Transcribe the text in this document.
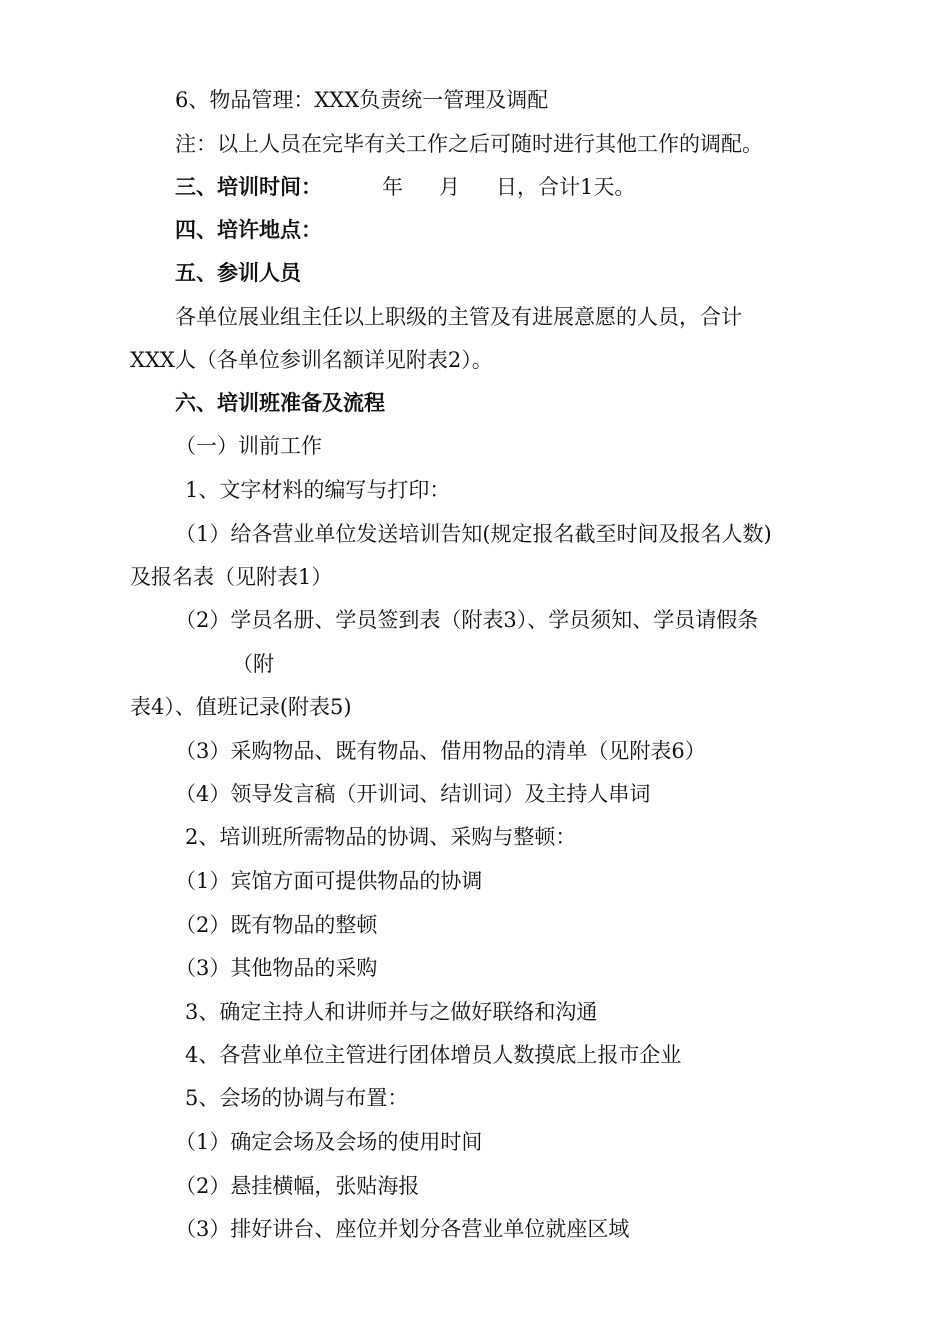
6、物品管理：XXX负责统一管理及调配
注：以上人员在完毕有关工作之后可随时进行其他工作的调配。
三、培训时间：	年 月 日，合计1天。
四、培许地点：
五、参训人员
各单位展业组主任以上职级的主管及有进展意愿的人员，合计
XXX人（各单位参训名额详见附表2）。
六、培训班准备及流程
（一）训前工作
1、文字材料的编写与打印：
（1）给各营业单位发送培训告知(规定报名截至时间及报名人数)
及报名表（见附表1）
（2）学员名册、学员签到表（附表3）、学员须知、学员请假条
（附
表4）、值班记录(附表5)
（3）采购物品、既有物品、借用物品的清单（见附表6）
（4）领导发言稿（开训词、结训词）及主持人串词
2、培训班所需物品的协调、采购与整顿：
（1）宾馆方面可提供物品的协调
（2）既有物品的整顿
（3）其他物品的采购
3、确定主持人和讲师并与之做好联络和沟通
4、各营业单位主管进行团体增员人数摸底上报市企业
5、会场的协调与布置：
（1）确定会场及会场的使用时间
（2）悬挂横幅，张贴海报
（3）排好讲台、座位并划分各营业单位就座区域
